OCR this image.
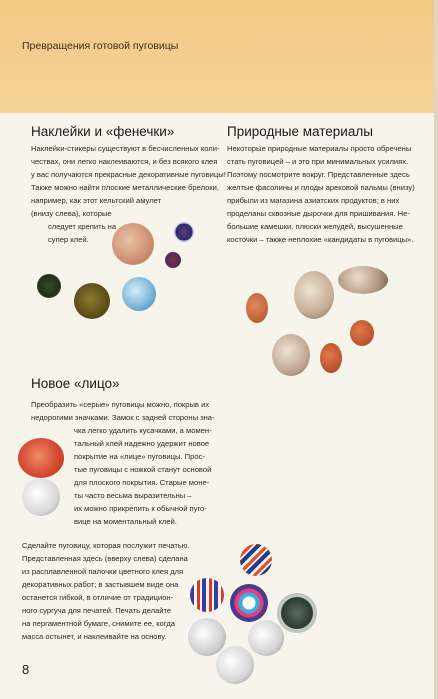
Превращения готовой пуговицы
Наклейки и «фенечки»
Наклейки-стикеры существуют в бесчисленных коли-
чествах, они легко наклеиваются, и без всякого клея
у вас получаются прекрасные декоративные пуговицы!
Также можно найти плоские металлические брелоки,
например, как этот кельтский амулет
(внизу слева), которые
следует крепить на
супер клей.
Природные материалы
Некоторые природные материалы просто обречены
стать пуговицей – и это при минимальных усилиях.
Поэтому посмотрите вокруг. Представленные здесь
желтые фасолины и плоды арековой пальмы (внизу)
прибыли из магазина азиатских продуктов; в них
проделаны сквозные дырочки для пришивания. Не-
большие камешки, плюски желудей, высушенные
косточки – также неплохие «кандидаты в пуговицы».
Новое «лицо»
Преобразить «серые» пуговицы можно, покрыв их
недорогими значками. Замок с задней стороны зна-
чка легко удалить кусачками, а момен-
тальный клей надежно удержит новое
покрытие на «лице» пуговицы. Прос-
тые пуговицы с ножкой станут основой
для плоского покрытия. Старые моне-
ты часто весьма выразительны –
их можно прикрепить к обычной пуго-
вице на моментальный клей.
Сделайте пуговицу, которая послужит печатью.
Представленная здесь (вверху слева) сделана
из расплавленной палочки цветного клея для
декоративных работ; в застывшем виде она
останется гибкой, в отличие от традицион-
ного сургуча для печатей. Печать делайте
на пергаментной бумаге, снимите ее, когда
масса остынет, и наклеивайте на основу.
8
